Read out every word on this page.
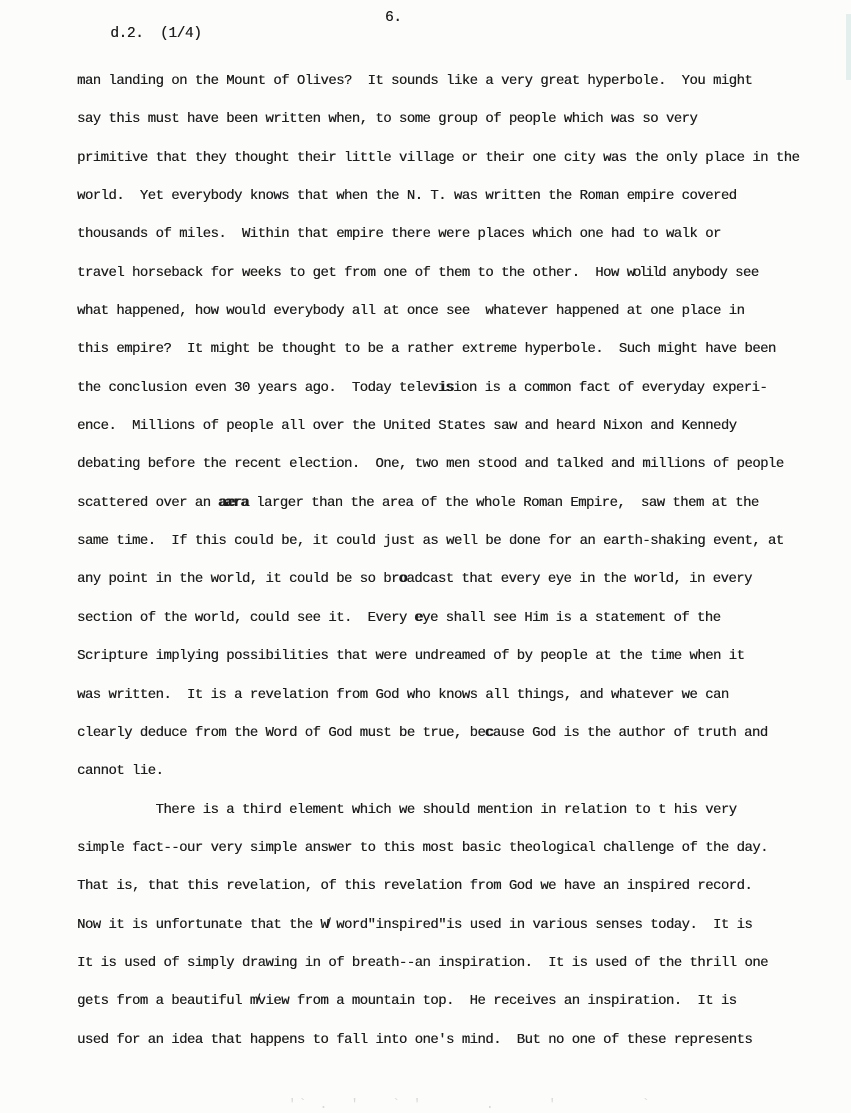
d.2.  (1/4)

6.

man landing on the Mount of Olives?  It sounds like a very great hyperbole.  You might
say this must have been written when, to some group of people which was so very
primitive that they thought their little village or their one city was the only place in the
world.  Yet everybody knows that when the N. T. was written the Roman empire covered
thousands of miles.  Within that empire there were places which one had to walk or
travel horseback for weeks to get from one of them to the other.  How wolild anybody see
what happened, how would everybody all at once see  whatever happened at one place in
this empire?  It might be thought to be a rather extreme hyperbole.  Such might have been
the conclusion even 30 years ago.  Today television is a common fact of everyday experi-
ence.  Millions of people all over the United States saw and heard Nixon and Kennedy
debating before the recent election.  One, two men stood and talked and millions of people
scattered over an aæra larger than the area of the whole Roman Empire,  saw them at the
same time.  If this could be, it could just as well be done for an earth-shaking event, at
any point in the world, it could be so broadcast that every eye in the world, in every
section of the world, could see it.  Every eye shall see Him is a statement of the
Scripture implying possibilities that were undreamed of by people at the time when it
was written.  It is a revelation from God who knows all things, and whatever we can
clearly deduce from the Word of God must be true, because God is the author of truth and
cannot lie.

There is a third element which we should mention in relation to t his very
simple fact--our very simple answer to this most basic theological challenge of the day.
That is, that this revelation, of this revelation from God we have an inspired record.
Now it is unfortunate that the W̸ word"inspired"is used in various senses today.  It is
It is used of simply drawing in of breath--an inspiration.  It is used of the thrill one
gets from a beautiful m̸view from a mountain top.  He receives an inspiration.  It is
used for an idea that happens to fall into one's mind.  But no one of these represents

'` .  '   ` '      .     '        `
